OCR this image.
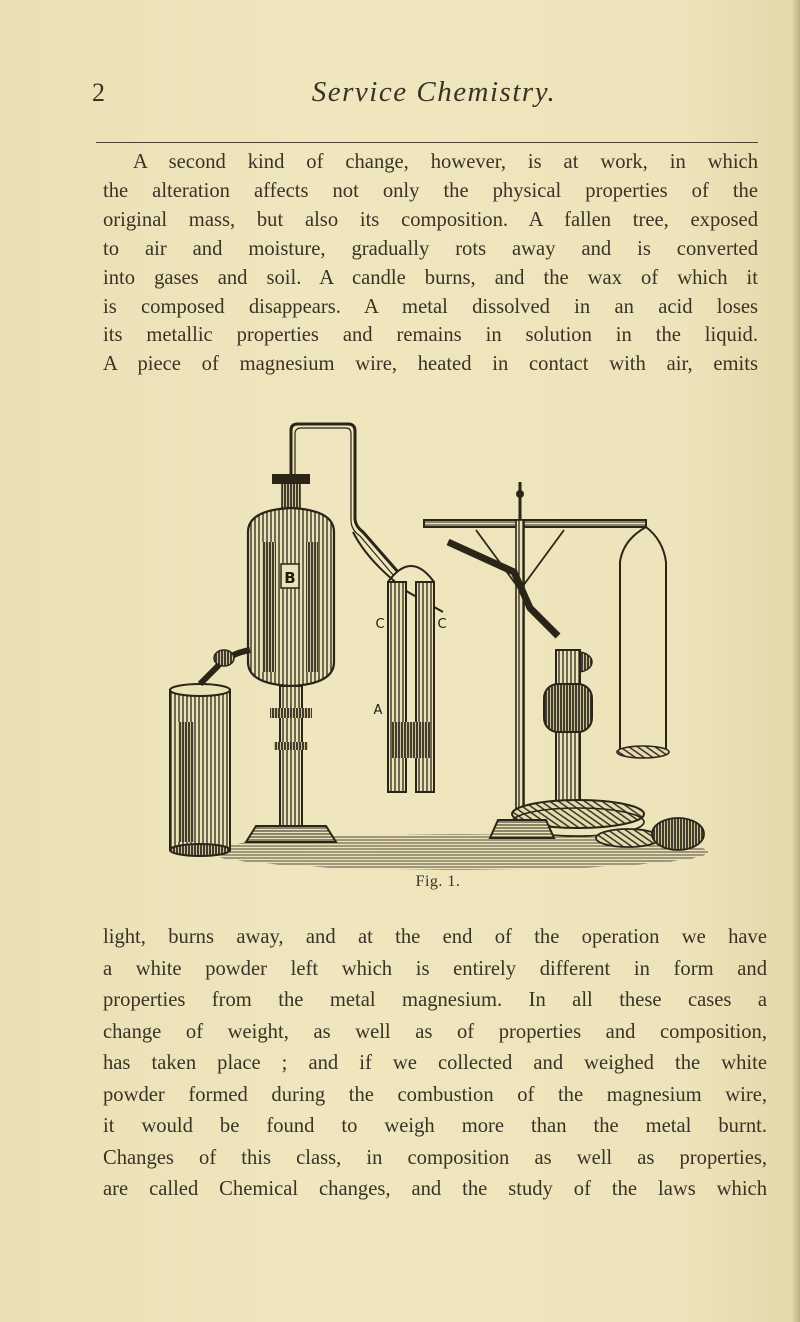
2	Service Chemistry.

A second kind of change, however, is at work, in which
the alteration affects not only the physical properties of the
original mass, but also its composition. A fallen tree, exposed
to air and moisture, gradually rots away and is converted
into gases and soil. A candle burns, and the wax of which it
is composed disappears. A metal dissolved in an acid loses
its metallic properties and remains in solution in the liquid.
A piece of magnesium wire, heated in contact with air, emits

B
C	C
A
Fig. 1.

light, burns away, and at the end of the operation we have
a white powder left which is entirely different in form and
properties from the metal magnesium. In all these cases a
change of weight, as well as of properties and composition,
has taken place ; and if we collected and weighed the white
powder formed during the combustion of the magnesium wire,
it would be found to weigh more than the metal burnt.
Changes of this class, in composition as well as properties,
are called Chemical changes, and the study of the laws which
